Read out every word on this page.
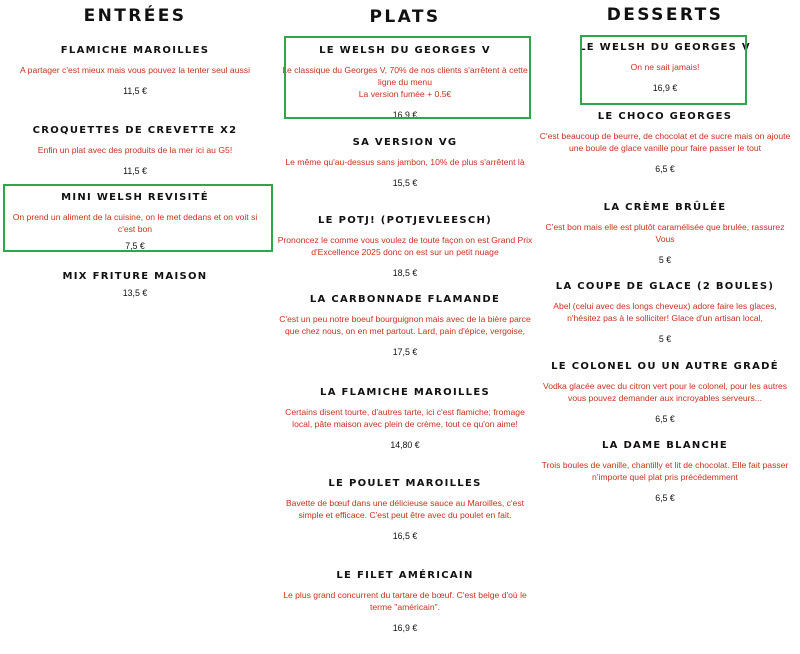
ENTRÉES
FLAMICHE MAROILLES
A partager c'est mieux mais vous pouvez la tenter seul aussi
11,5 €
CROQUETTES DE CREVETTE X2
Enfin un plat avec des produits de la mer ici au G5!
11,5 €
MINI WELSH REVISITÉ
On prend un aliment de la cuisine, on le met dedans et on voit si c'est bon
7,5 €
MIX FRITURE MAISON
13,5 €
PLATS
LE WELSH DU GEORGES V
Le classique du Georges V, 70% de nos clients s'arrêtent à cette ligne du menu
La version fumée + 0.5€
16,9 €
SA VERSION VG
Le même qu'au-dessus sans jambon, 10% de plus s'arrêtent là
15,5 €
LE POTJ! (POTJEVLEESCH)
Prononcez le comme vous voulez de toute façon on est Grand Prix d'Excellence 2025 donc on est sur un petit nuage
18,5 €
LA CARBONNADE FLAMANDE
C'est un peu notre boeuf bourguignon mais avec de la bière parce que chez nous, on en met partout. Lard, pain d'épice, vergoise,
17,5 €
LA FLAMICHE MAROILLES
Certains disent tourte, d'autres tarte, ici c'est flamiche; fromage local, pâte maison avec plein de crème, tout ce qu'on aime!
14,80 €
LE POULET MAROILLES
Bavette de bœuf dans une délicieuse sauce au Maroilles, c'est simple et efficace. C'est peut être avec du poulet en fait.
16,5 €
LE FILET AMÉRICAIN
Le plus grand concurrent du tartare de bœuf. C'est belge d'où le terme "américain".
16,9 €
DESSERTS
LE WELSH DU GEORGES V
On ne sait jamais!
16,9 €
LE CHOCO GEORGES
C'est beaucoup de beurre, de chocolat et de sucre mais on ajoute une boule de glace vanille pour faire passer le tout
6,5 €
LA CRÈME BRÛLÉE
C'est bon mais elle est plutôt caramélisée que brulée, rassurez Vous
5 €
LA COUPE DE GLACE (2 BOULES)
Abel (celui avec des longs cheveux) adore faire les glaces, n'hésitez pas à le solliciter! Glace d'un artisan local,
5 €
LE COLONEL OU UN AUTRE GRADÉ
Vodka glacée avec du citron vert pour le colonel, pour les autres vous pouvez demander aux incroyables serveurs...
6,5 €
LA DAME BLANCHE
Trois boules de vanille, chantilly et lit de chocolat. Elle fait passer n'importe quel plat pris précédemment
6,5 €
